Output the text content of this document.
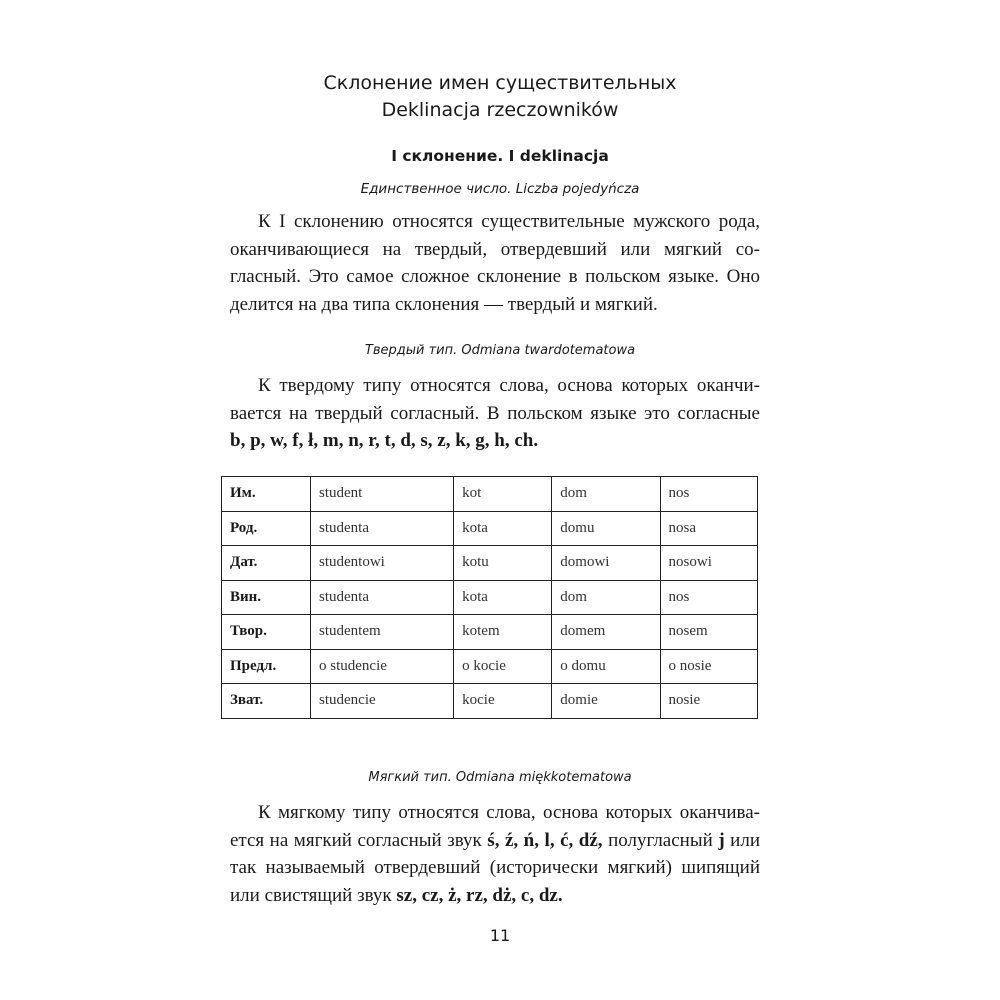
Склонение имен существительных
Deklinacja rzeczowników
I склонение. I deklinacja
Единственное число. Liczba pojedyńcza

К I склонению относятся существительные мужского рода,
оканчивающиеся на твердый, отвердевший или мягкий со-
гласный. Это самое сложное склонение в польском языке. Оно
делится на два типа склонения — твердый и мягкий.

Твердый тип. Odmiana twardotematowa

К твердому типу относятся слова, основа которых оканчи-
вается на твердый согласный. В польском языке это согласные
b, p, w, f, ł, m, n, r, t, d, s, z, k, g, h, ch.

Им.	student	kot	dom	nos
Род.	studenta	kota	domu	nosa
Дат.	studentowi	kotu	domowi	nosowi
Вин.	studenta	kota	dom	nos
Твор.	studentem	kotem	domem	nosem
Предл.	o studencie	o kocie	o domu	o nosie
Зват.	studencie	kocie	domie	nosie
Мягкий тип. Odmiana miękkotematowa

К мягкому типу относятся слова, основа которых оканчива-
ется на мягкий согласный звук ś, ź, ń, l, ć, dź, полугласный j или
так называемый отвердевший (исторически мягкий) шипящий
или свистящий звук sz, cz, ż, rz, dż, c, dz.

11
